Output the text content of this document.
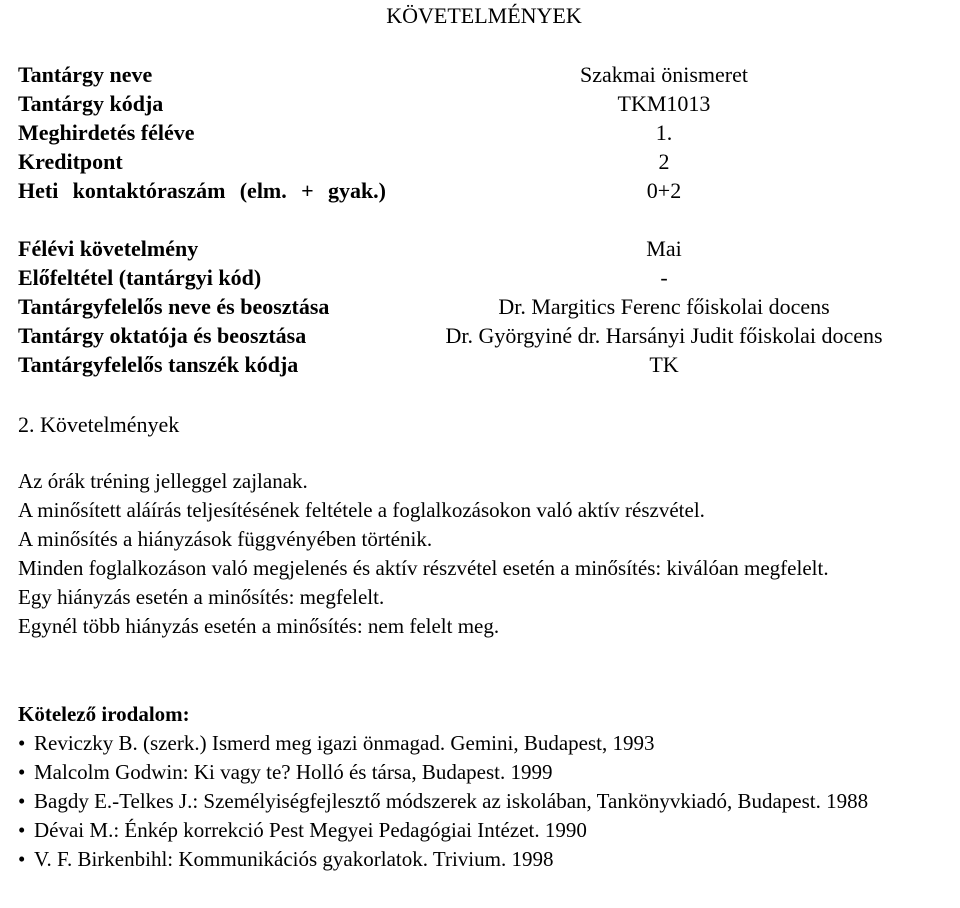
KÖVETELMÉNYEK
Tantárgy neve	Szakmai önismeret
Tantárgy kódja	TKM1013
Meghirdetés féléve	1.
Kreditpont	2
Heti kontaktóraszám (elm. + gyak.)	0+2
Félévi követelmény	Mai
Előfeltétel (tantárgyi kód)	-
Tantárgyfelelős neve és beosztása	Dr. Margitics Ferenc főiskolai docens
Tantárgy oktatója és beosztása	Dr. Györgyiné dr. Harsányi Judit főiskolai docens
Tantárgyfelelős tanszék kódja	TK
2. Követelmények

Az órák tréning jelleggel zajlanak.

A minősített aláírás teljesítésének feltétele a foglalkozásokon való aktív részvétel.

A minősítés a hiányzások függvényében történik.

Minden foglalkozáson való megjelenés és aktív részvétel esetén a minősítés: kiválóan megfelelt.

Egy hiányzás esetén a minősítés: megfelelt.

Egynél több hiányzás esetén a minősítés: nem felelt meg.

Kötelező irodalom:
• Reviczky B. (szerk.) Ismerd meg igazi önmagad. Gemini, Budapest, 1993
• Malcolm Godwin: Ki vagy te? Holló és társa, Budapest. 1999
• Bagdy E.-Telkes J.: Személyiségfejlesztő módszerek az iskolában, Tankönyvkiadó, Budapest. 1988
• Dévai M.: Énkép korrekció Pest Megyei Pedagógiai Intézet. 1990
• V. F. Birkenbihl: Kommunikációs gyakorlatok. Trivium. 1998
